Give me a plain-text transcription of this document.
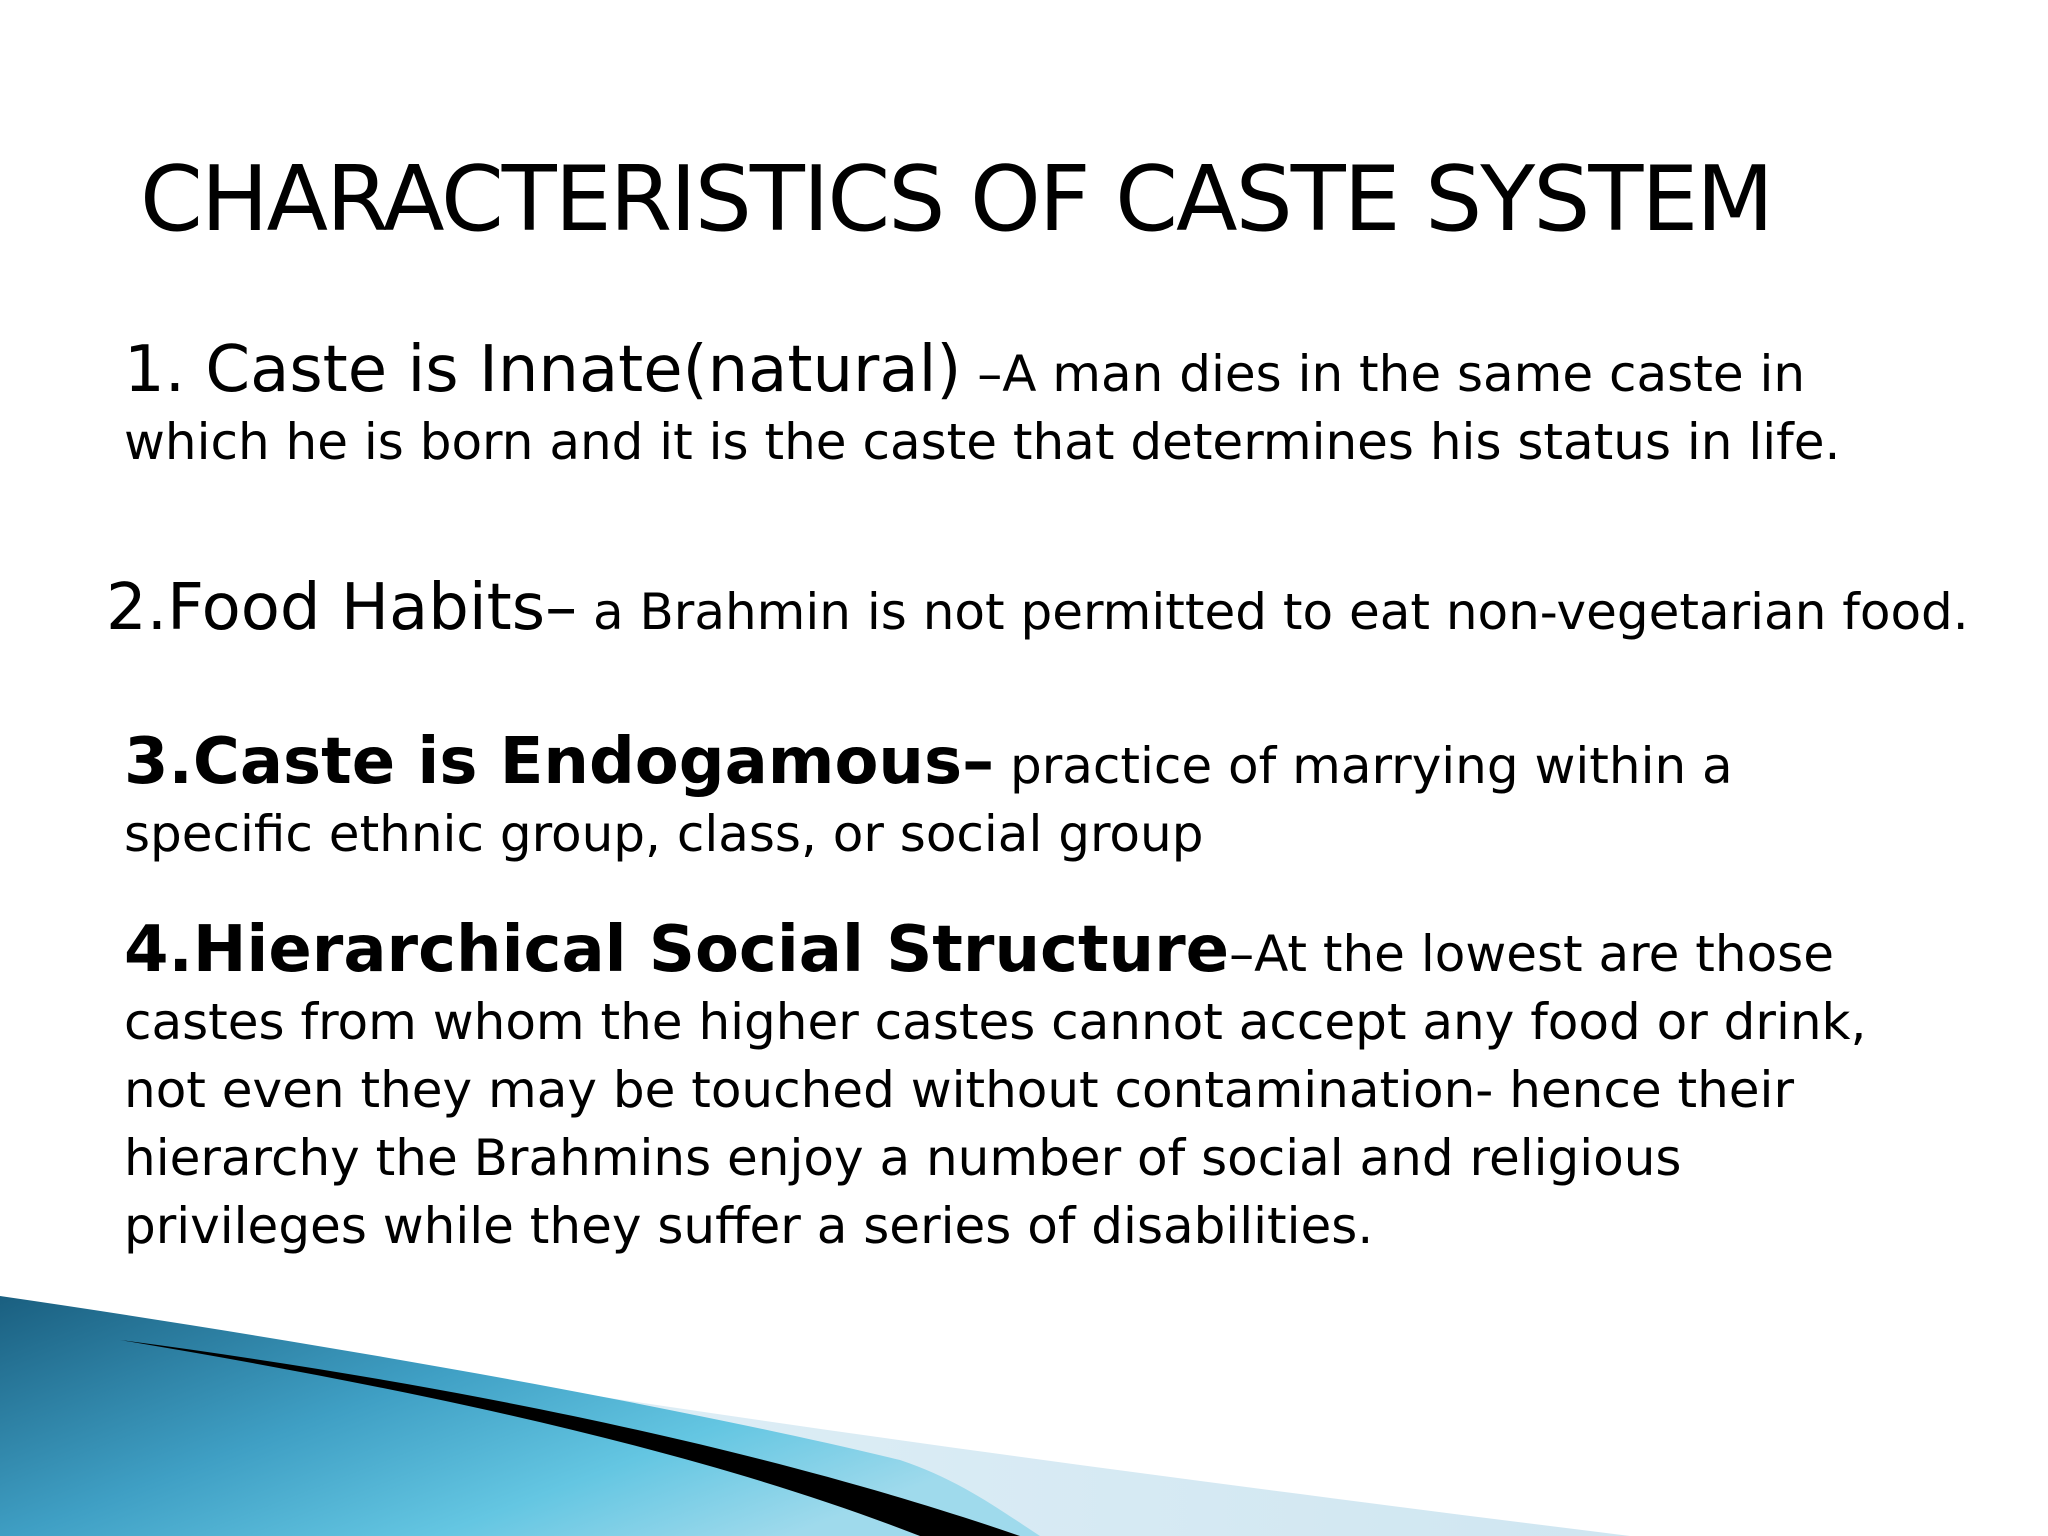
CHARACTERISTICS OF CASTE SYSTEM

1. Caste is Innate(natural) –A man dies in the same caste in which he is born and it is the caste that determines his status in life.

2.Food Habits– a Brahmin is not permitted to eat non-vegetarian food.

3.Caste is Endogamous– practice of marrying within a specific ethnic group, class, or social group

4.Hierarchical Social Structure–At the lowest are those castes from whom the higher castes cannot accept any food or drink, not even they may be touched without contamination- hence their hierarchy the Brahmins enjoy a number of social and religious privileges while they suffer a series of disabilities.
